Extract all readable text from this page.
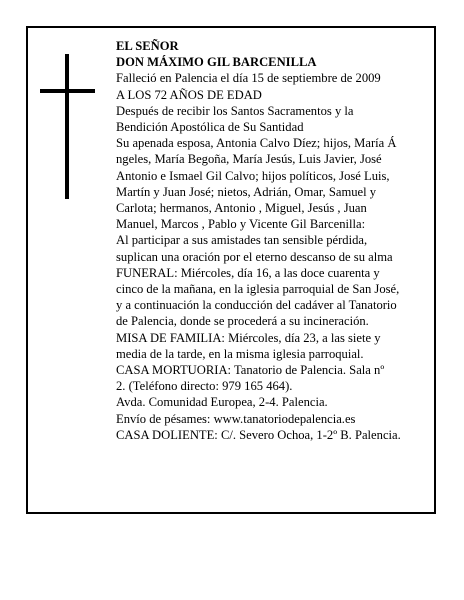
EL SEÑOR
DON MÁXIMO GIL BARCENILLA
Falleció en Palencia el día 15 de septiembre de 2009
A LOS 72 AÑOS DE EDAD
Después de recibir los Santos Sacramentos y la
Bendición Apostólica de Su Santidad
Su apenada esposa, Antonia Calvo Díez; hijos, María Á
ngeles, María Begoña, María Jesús, Luis Javier, José
Antonio e Ismael Gil Calvo; hijos políticos, José Luis,
Martín y Juan José; nietos, Adrián, Omar, Samuel y
Carlota; hermanos, Antonio , Miguel, Jesús , Juan
Manuel, Marcos , Pablo y Vicente Gil Barcenilla:
Al participar a sus amistades tan sensible pérdida,
suplican una oración por el eterno descanso de su alma
FUNERAL: Miércoles, día 16, a las doce cuarenta y
cinco de la mañana, en la iglesia parroquial de San José,
y a continuación la conducción del cadáver al Tanatorio
de Palencia, donde se procederá a su incineración.
MISA DE FAMILIA: Miércoles, día 23, a las siete y
media de la tarde, en la misma iglesia parroquial.
CASA MORTUORIA: Tanatorio de Palencia. Sala nº
2. (Teléfono directo: 979 165 464).
Avda. Comunidad Europea, 2-4. Palencia.
Envío de pésames: www.tanatoriodepalencia.es
CASA DOLIENTE: C/. Severo Ochoa, 1-2º B. Palencia.
